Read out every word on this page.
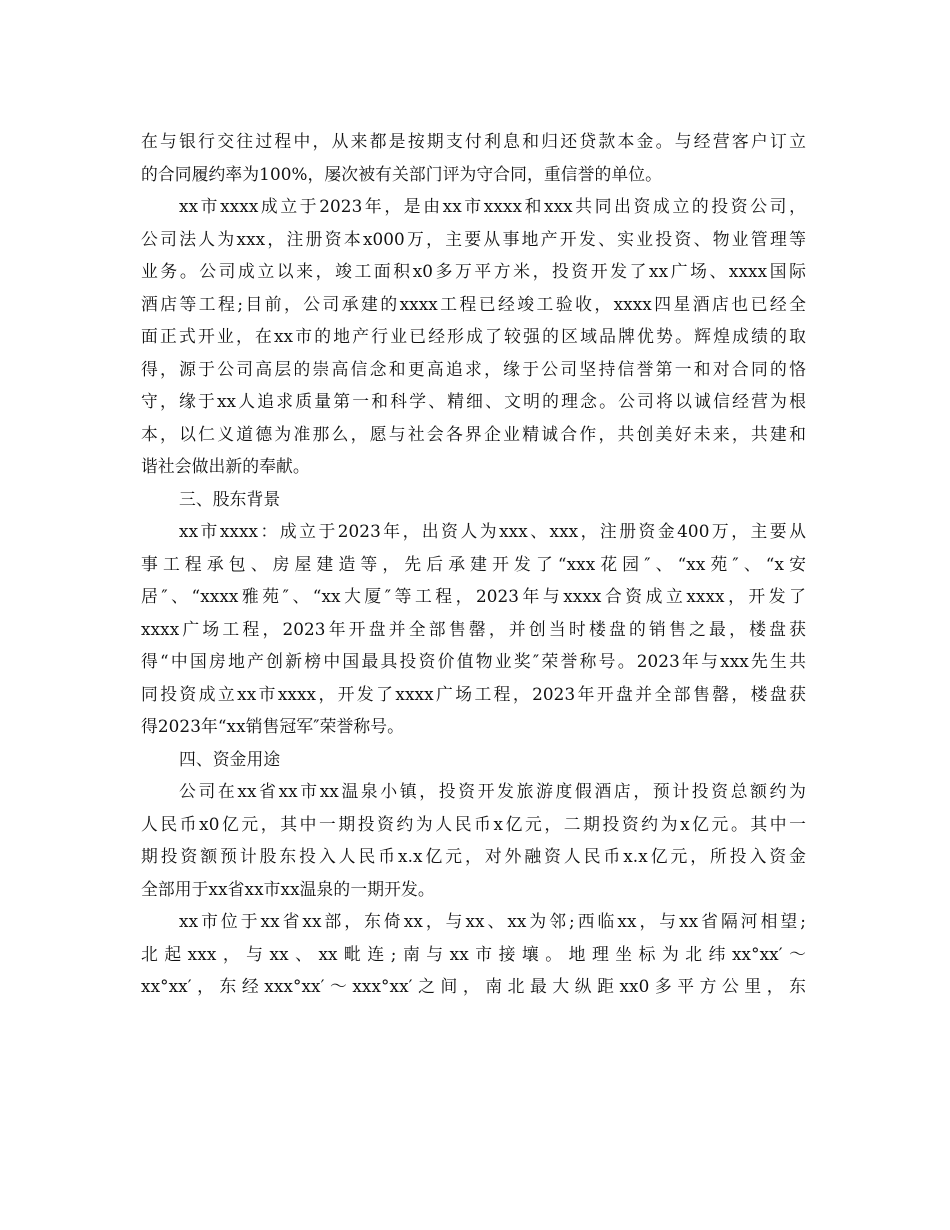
在与银行交往过程中，从来都是按期支付利息和归还贷款本金。与经营客户订立
的合同履约率为100%，屡次被有关部门评为守合同，重信誉的单位。
xx市xxxx成立于2023年，是由xx市xxxx和xxx共同出资成立的投资公司，
公司法人为xxx，注册资本x000万，主要从事地产开发、实业投资、物业管理等
业务。公司成立以来，竣工面积x0多万平方米，投资开发了xx广场、xxxx国际
酒店等工程;目前，公司承建的xxxx工程已经竣工验收，xxxx四星酒店也已经全
面正式开业，在xx市的地产行业已经形成了较强的区域品牌优势。辉煌成绩的取
得，源于公司高层的崇高信念和更高追求，缘于公司坚持信誉第一和对合同的恪
守，缘于xx人追求质量第一和科学、精细、文明的理念。公司将以诚信经营为根
本，以仁义道德为准那么，愿与社会各界企业精诚合作，共创美好未来，共建和
谐社会做出新的奉献。
三、股东背景
xx市xxxx：成立于2023年，出资人为xxx、xxx，注册资金400万，主要从
事工程承包、房屋建造等，先后承建开发了“xxx花园″、“xx苑″、“x安
居″、“xxxx雅苑″、“xx大厦″等工程，2023年与xxxx合资成立xxxx，开发了
xxxx广场工程，2023年开盘并全部售罄，并创当时楼盘的销售之最，楼盘获
得“中国房地产创新榜中国最具投资价值物业奖″荣誉称号。2023年与xxx先生共
同投资成立xx市xxxx，开发了xxxx广场工程，2023年开盘并全部售罄，楼盘获
得2023年“xx销售冠军″荣誉称号。
四、资金用途
公司在xx省xx市xx温泉小镇，投资开发旅游度假酒店，预计投资总额约为
人民币x0亿元，其中一期投资约为人民币x亿元，二期投资约为x亿元。其中一
期投资额预计股东投入人民币x.x亿元，对外融资人民币x.x亿元，所投入资金
全部用于xx省xx市xx温泉的一期开发。
xx市位于xx省xx部，东倚xx，与xx、xx为邻;西临xx，与xx省隔河相望;
北起xxx，与xx、xx毗连;南与xx市接壤。地理坐标为北纬xx°xx′～
xx°xx′，东经xxx°xx′～xxx°xx′之间，南北最大纵距xx0多平方公里，东
